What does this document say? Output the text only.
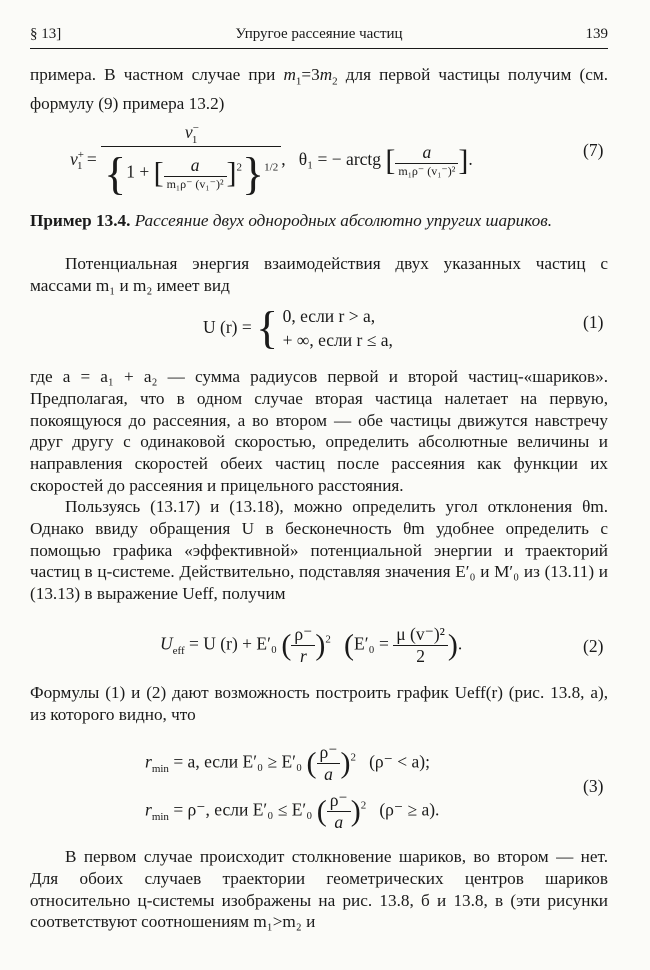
§ 13]	Упругое рассеяние частиц	139
примера. В частном случае при $m_1=3m_2$ для первой частицы получим (см. формулу (9) примера 13.2)
$v^+_1 = \frac{v^-_1}{\{1 + [ \frac{a}{\text{m₁ρ⁻ (v₁⁻)²}} ]^2\}^{1/2}}$ ,   θ₁ = − arctg [ $\frac{a}{\text{m₁ρ⁻ (v₁⁻)²}}$ ].	(7)
Пример 13.4. Рассеяние двух однородных абсолютно упругих шариков.
Потенциальная энергия взаимодействия двух указанных частиц с массами m₁ и m₂ имеет вид
U (r) = { 0, если r > a,
+ ∞, если r ≤ a,
(1)
где a = a₁ + a₂ — сумма радиусов первой и второй частиц-«шариков». Предполагая, что в одном случае вторая частица налетает на первую, покоящуюся до рассеяния, а во втором — обе частицы движутся навстречу друг другу с одинаковой скоростью, определить абсолютные величины и направления скоростей обеих частиц после рассеяния как функции их скоростей до рассеяния и прицельного расстояния.
Пользуясь (13.17) и (13.18), можно определить угол отклонения θm. Однако ввиду обращения U в бесконечность θm удобнее определить с помощью графика «эффективной» потенциальной энергии и траекторий частиц в ц-системе. Действительно, подставляя значения E′₀ и M′₀ из (13.11) и (13.13) в выражение Ueff, получим
$U_{eff} = U$ (r) + E′₀ ( $\frac{\rho^-}{r} )^2$ ($E'_0 = \frac{\text{μ (v⁻)²}}{2}$ ).	(2)
Формулы (1) и (2) дают возможность построить график Ueff(r) (рис. 13.8, а), из которого видно, что
$r_{min} = a$, если E′₀ ≥ E′₀ ( $\frac{\rho^-}{a} )^2$ (ρ⁻ < a);
$r_{min} = \rho^-$, если E′₀ ≤ E′₀ ( $\frac{\rho^-}{a} )^2$ (ρ⁻ ≥ a).
(3)
В первом случае происходит столкновение шариков, во втором — нет. Для обоих случаев траектории геометрических центров шариков относительно ц-системы изображены на рис. 13.8, б и 13.8, в (эти рисунки соответствуют соотношениям m₁>m₂ и
